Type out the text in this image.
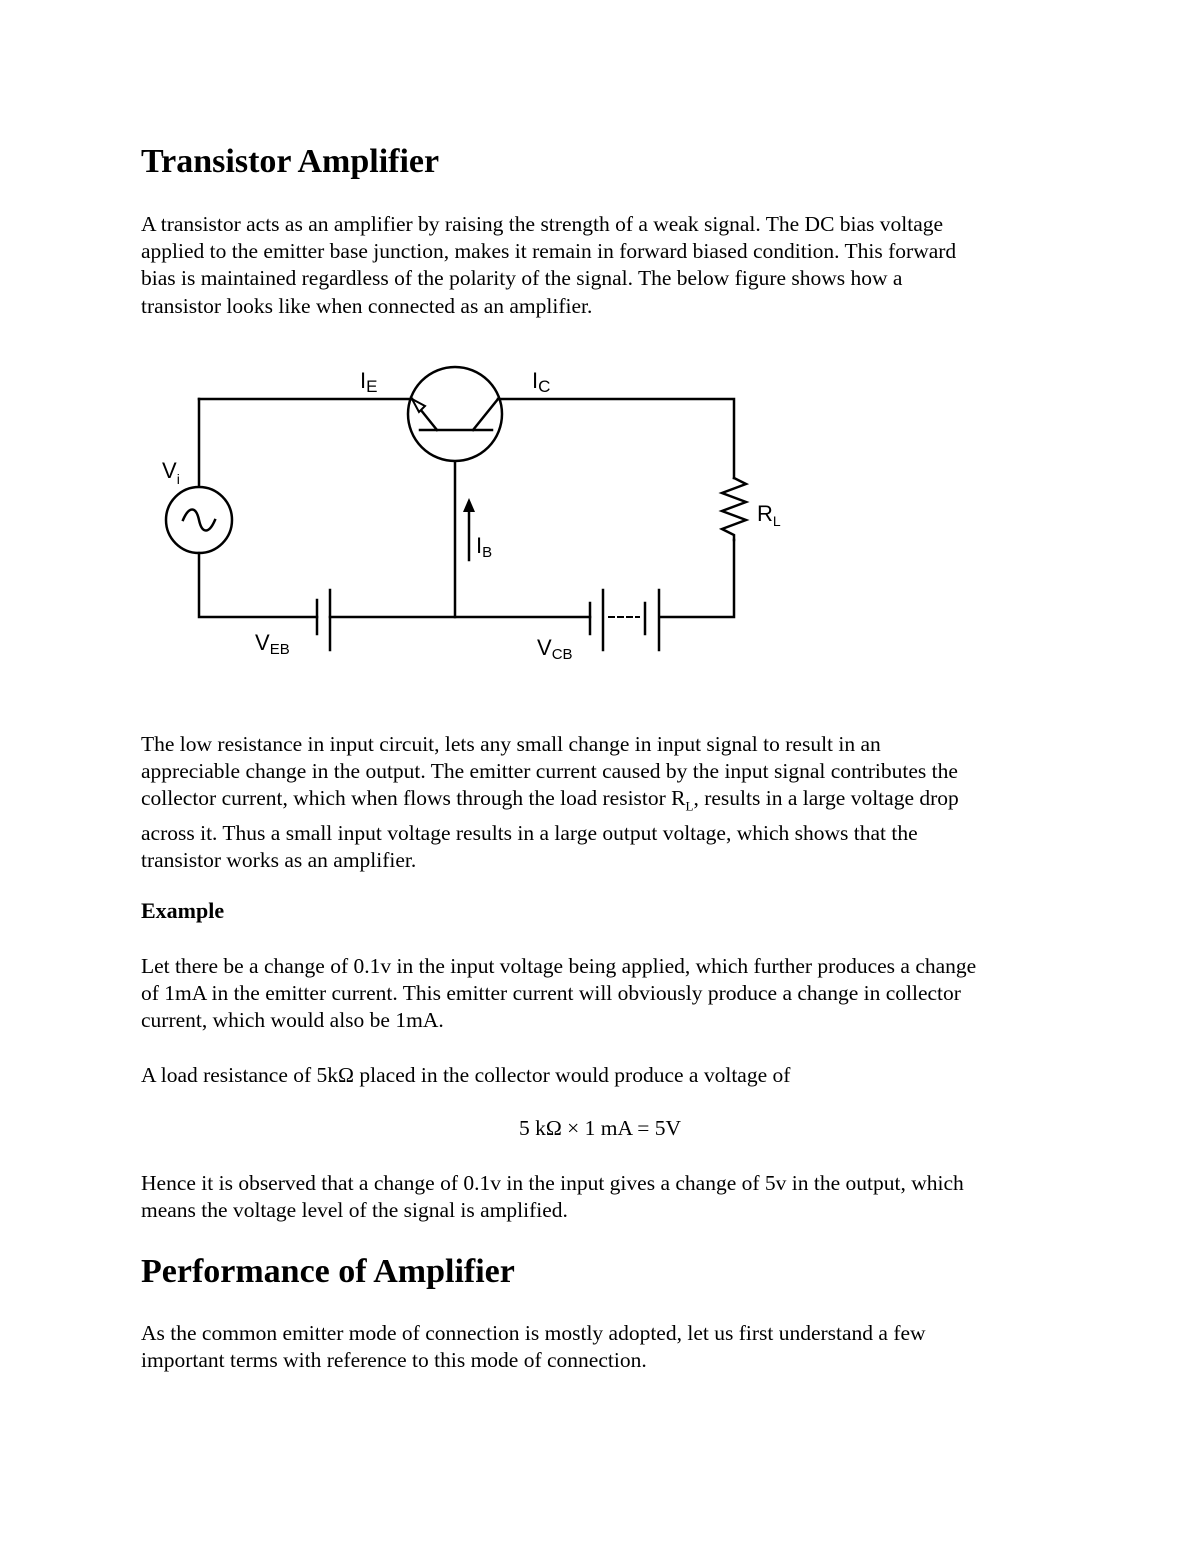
Transistor Amplifier

A transistor acts as an amplifier by raising the strength of a weak signal. The DC bias voltage
applied to the emitter base junction, makes it remain in forward biased condition. This forward
bias is maintained regardless of the polarity of the signal. The below figure shows how a
transistor looks like when connected as an amplifier.

$V_i$
IE	IC
IB
$R_L$
VEB	VCB

The low resistance in input circuit, lets any small change in input signal to result in an
appreciable change in the output. The emitter current caused by the input signal contributes the
collector current, which when flows through the load resistor $R_L$, results in a large voltage drop
across it. Thus a small input voltage results in a large output voltage, which shows that the
transistor works as an amplifier.

Example

Let there be a change of 0.1v in the input voltage being applied, which further produces a change
of 1mA in the emitter current. This emitter current will obviously produce a change in collector
current, which would also be 1mA.

A load resistance of 5kΩ placed in the collector would produce a voltage of

5 kΩ × 1 mA = 5V

Hence it is observed that a change of 0.1v in the input gives a change of 5v in the output, which
means the voltage level of the signal is amplified.

Performance of Amplifier

As the common emitter mode of connection is mostly adopted, let us first understand a few
important terms with reference to this mode of connection.
